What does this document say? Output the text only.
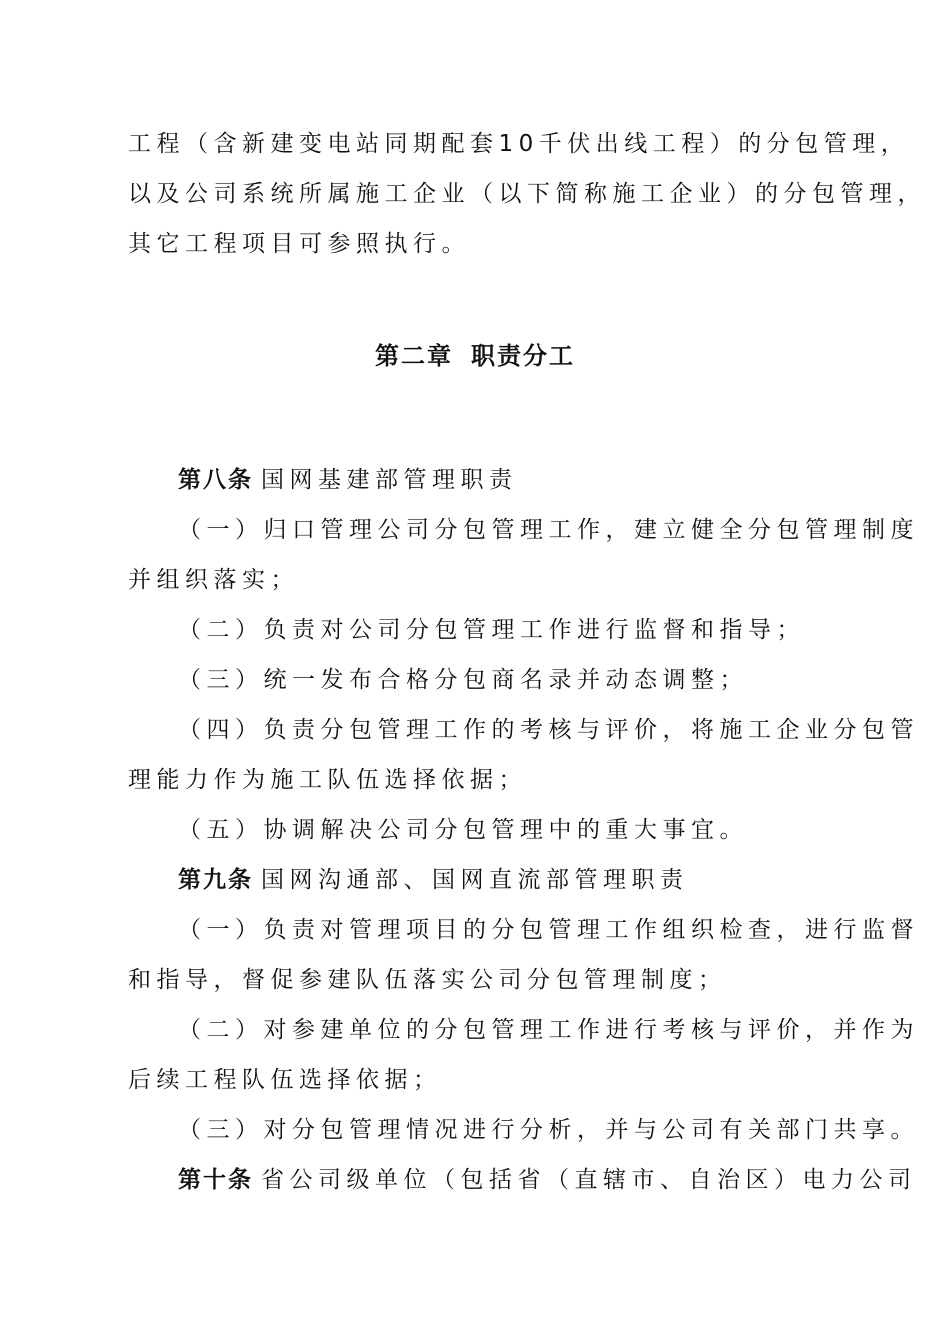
工程（含新建变电站同期配套10千伏出线工程）的分包管理，
以及公司系统所属施工企业（以下简称施工企业）的分包管理，
其它工程项目可参照执行。
第二章 职责分工
第八条 国网基建部管理职责
（一）归口管理公司分包管理工作，建立健全分包管理制度
并组织落实；
（二）负责对公司分包管理工作进行监督和指导；
（三）统一发布合格分包商名录并动态调整；
（四）负责分包管理工作的考核与评价，将施工企业分包管
理能力作为施工队伍选择依据；
（五）协调解决公司分包管理中的重大事宜。
第九条 国网沟通部、国网直流部管理职责
（一）负责对管理项目的分包管理工作组织检查，进行监督
和指导，督促参建队伍落实公司分包管理制度；
（二）对参建单位的分包管理工作进行考核与评价，并作为
后续工程队伍选择依据；
（三）对分包管理情况进行分析，并与公司有关部门共享。
第十条 省公司级单位（包括省（直辖市、自治区）电力公司
